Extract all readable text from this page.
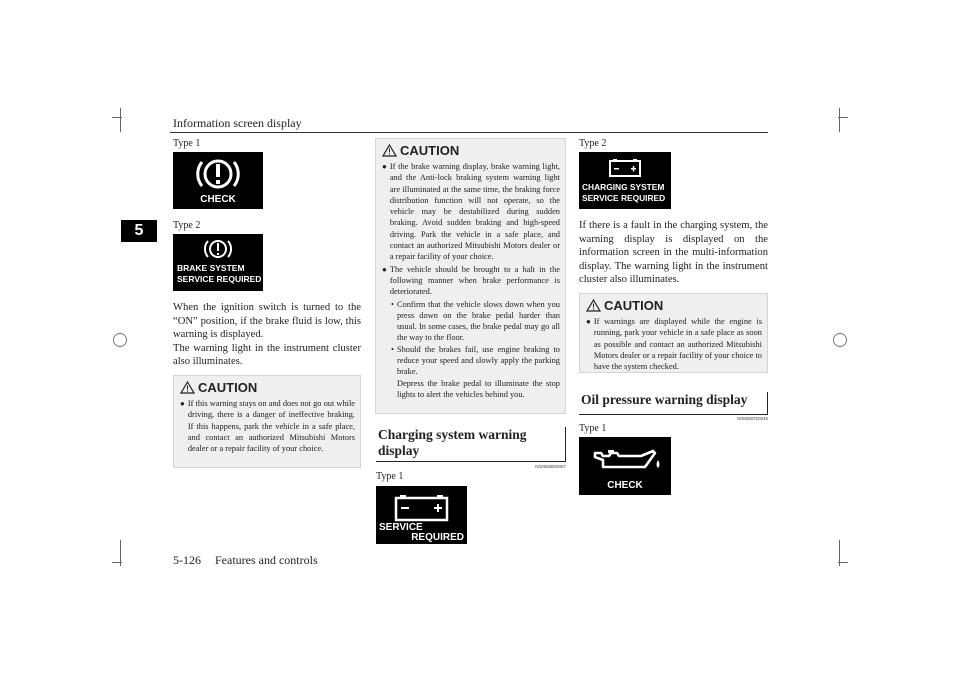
Information screen display
5
Type 1
CHECK
Type 2
BRAKE SYSTEM
SERVICE REQUIRED

When the ignition switch is turned to the “ON” position, if the brake fluid is low, this warning is displayed.

The warning light in the instrument cluster also illuminates.

CAUTION
● If this warning stays on and does not go out while driving, there is a danger of ineffective braking. If this happens, park the vehicle in a safe place, and contact an authorized Mitsubishi Motors dealer or a repair facility of your choice.

CAUTION
● If the brake warning display, brake warning light, and the Anti-lock braking system warning light are illuminated at the same time, the braking force distribution function will not operate, so the vehicle may be destabilized during sudden braking. Avoid sudden braking and high-speed driving. Park the vehicle in a safe place, and contact an authorized Mitsubishi Motors dealer or a repair facility of your choice.

● The vehicle should be brought to a halt in the following manner when brake performance is deteriorated.

• Confirm that the vehicle slows down when you press down on the brake pedal harder than usual. In some cases, the brake pedal may go all the way to the floor.

• Should the brakes fail, use engine braking to reduce your speed and slowly apply the parking brake.

Depress the brake pedal to illuminate the stop lights to alert the vehicles behind you.

Charging system warning display
N00558600057
Type 1
SERVICE
REQUIRED
Type 2
CHARGING SYSTEM
SERVICE REQUIRED

If there is a fault in the charging system, the warning display is displayed on the information screen in the multi-information display. The warning light in the instrument cluster also illuminates.

CAUTION
● If warnings are displayed while the engine is running, park your vehicle in a safe place as soon as possible and contact an authorized Mitsubishi Motors dealer or a repair facility of your choice to have the system checked.

Oil pressure warning display
N00558700045
Type 1
CHECK
5-126 Features and controls
